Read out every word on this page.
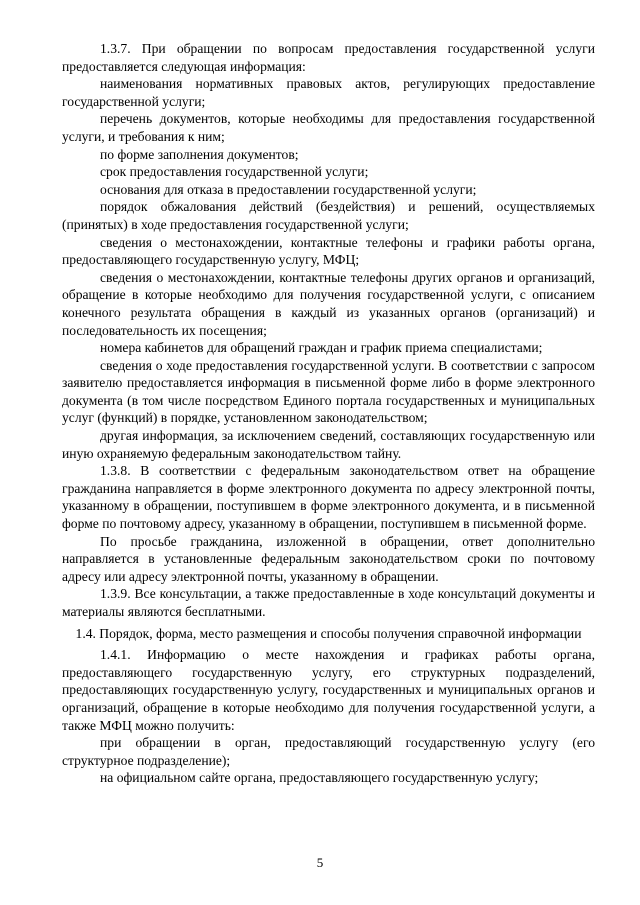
1.3.7. При обращении по вопросам предоставления государственной услуги предоставляется следующая информация:

наименования нормативных правовых актов, регулирующих предоставление государственной услуги;

перечень документов, которые необходимы для предоставления государственной услуги, и требования к ним;

по форме заполнения документов;

срок предоставления государственной услуги;

основания для отказа в предоставлении государственной услуги;

порядок обжалования действий (бездействия) и решений, осуществляемых (принятых) в ходе предоставления государственной услуги;

сведения о местонахождении, контактные телефоны и графики работы органа, предоставляющего государственную услугу, МФЦ;

сведения о местонахождении, контактные телефоны других органов и организаций, обращение в которые необходимо для получения государственной услуги, с описанием конечного результата обращения в каждый из указанных органов (организаций) и последовательность их посещения;

номера кабинетов для обращений граждан и график приема специалистами;

сведения о ходе предоставления государственной услуги. В соответствии с запросом заявителю предоставляется информация в письменной форме либо в форме электронного документа (в том числе посредством Единого портала государственных и муниципальных услуг (функций) в порядке, установленном законодательством;

другая информация, за исключением сведений, составляющих государственную или иную охраняемую федеральным законодательством тайну.

1.3.8. В соответствии с федеральным законодательством ответ на обращение гражданина направляется в форме электронного документа по адресу электронной почты, указанному в обращении, поступившем в форме электронного документа, и в письменной форме по почтовому адресу, указанному в обращении, поступившем в письменной форме.

По просьбе гражданина, изложенной в обращении, ответ дополнительно направляется в установленные федеральным законодательством сроки по почтовому адресу или адресу электронной почты, указанному в обращении.

1.3.9. Все консультации, а также предоставленные в ходе консультаций документы и материалы являются бесплатными.

1.4. Порядок, форма, место размещения и способы получения справочной информации

1.4.1. Информацию о месте нахождения и графиках работы органа, предоставляющего государственную услугу, его структурных подразделений, предоставляющих государственную услугу, государственных и муниципальных органов и организаций, обращение в которые необходимо для получения государственной услуги, а также МФЦ можно получить:

при обращении в орган, предоставляющий государственную услугу (его структурное подразделение);

на официальном сайте органа, предоставляющего государственную услугу;

5
